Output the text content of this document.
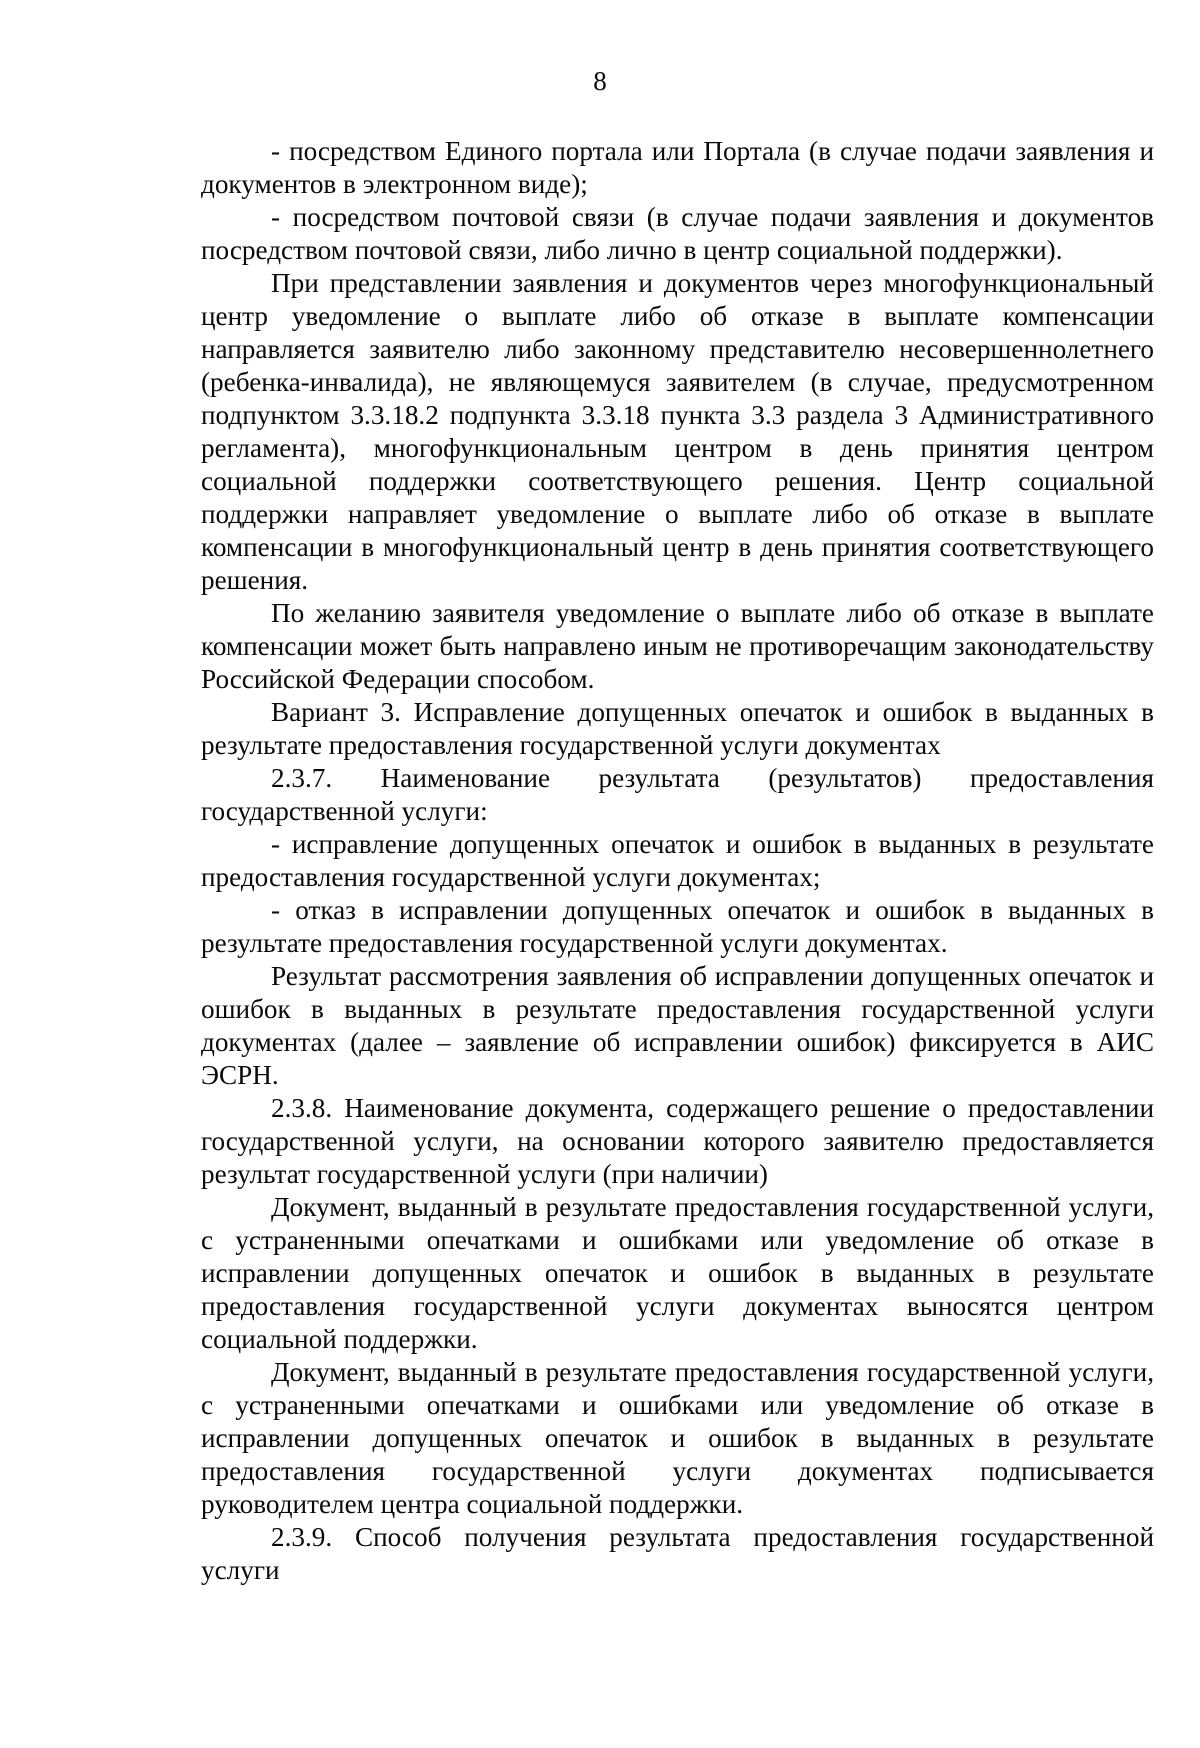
8

- посредством Единого портала или Портала (в случае подачи заявления и документов в электронном виде);

- посредством почтовой связи (в случае подачи заявления и документов посредством почтовой связи, либо лично в центр социальной поддержки).

При представлении заявления и документов через многофункциональный центр уведомление о выплате либо об отказе в выплате компенсации направляется заявителю либо законному представителю несовершеннолетнего (ребенка-инвалида), не являющемуся заявителем (в случае, предусмотренном подпунктом 3.3.18.2 подпункта 3.3.18 пункта 3.3 раздела 3 Административного регламента), многофункциональным центром в день принятия центром социальной поддержки соответствующего решения. Центр социальной поддержки направляет уведомление о выплате либо об отказе в выплате компенсации в многофункциональный центр в день принятия соответствующего решения.

По желанию заявителя уведомление о выплате либо об отказе в выплате компенсации может быть направлено иным не противоречащим законодательству Российской Федерации способом.

Вариант 3. Исправление допущенных опечаток и ошибок в выданных в результате предоставления государственной услуги документах

2.3.7. Наименование результата (результатов) предоставления государственной услуги:

- исправление допущенных опечаток и ошибок в выданных в результате предоставления государственной услуги документах;

- отказ в исправлении допущенных опечаток и ошибок в выданных в результате предоставления государственной услуги документах.

Результат рассмотрения заявления об исправлении допущенных опечаток и ошибок в выданных в результате предоставления государственной услуги документах (далее – заявление об исправлении ошибок) фиксируется в АИС ЭСРН.

2.3.8. Наименование документа, содержащего решение о предоставлении государственной услуги, на основании которого заявителю предоставляется результат государственной услуги (при наличии)

Документ, выданный в результате предоставления государственной услуги, с устраненными опечатками и ошибками или уведомление об отказе в исправлении допущенных опечаток и ошибок в выданных в результате предоставления государственной услуги документах выносятся центром социальной поддержки.

Документ, выданный в результате предоставления государственной услуги, с устраненными опечатками и ошибками или уведомление об отказе в исправлении допущенных опечаток и ошибок в выданных в результате предоставления государственной услуги документах подписывается руководителем центра социальной поддержки.

2.3.9. Способ получения результата предоставления государственной услуги
